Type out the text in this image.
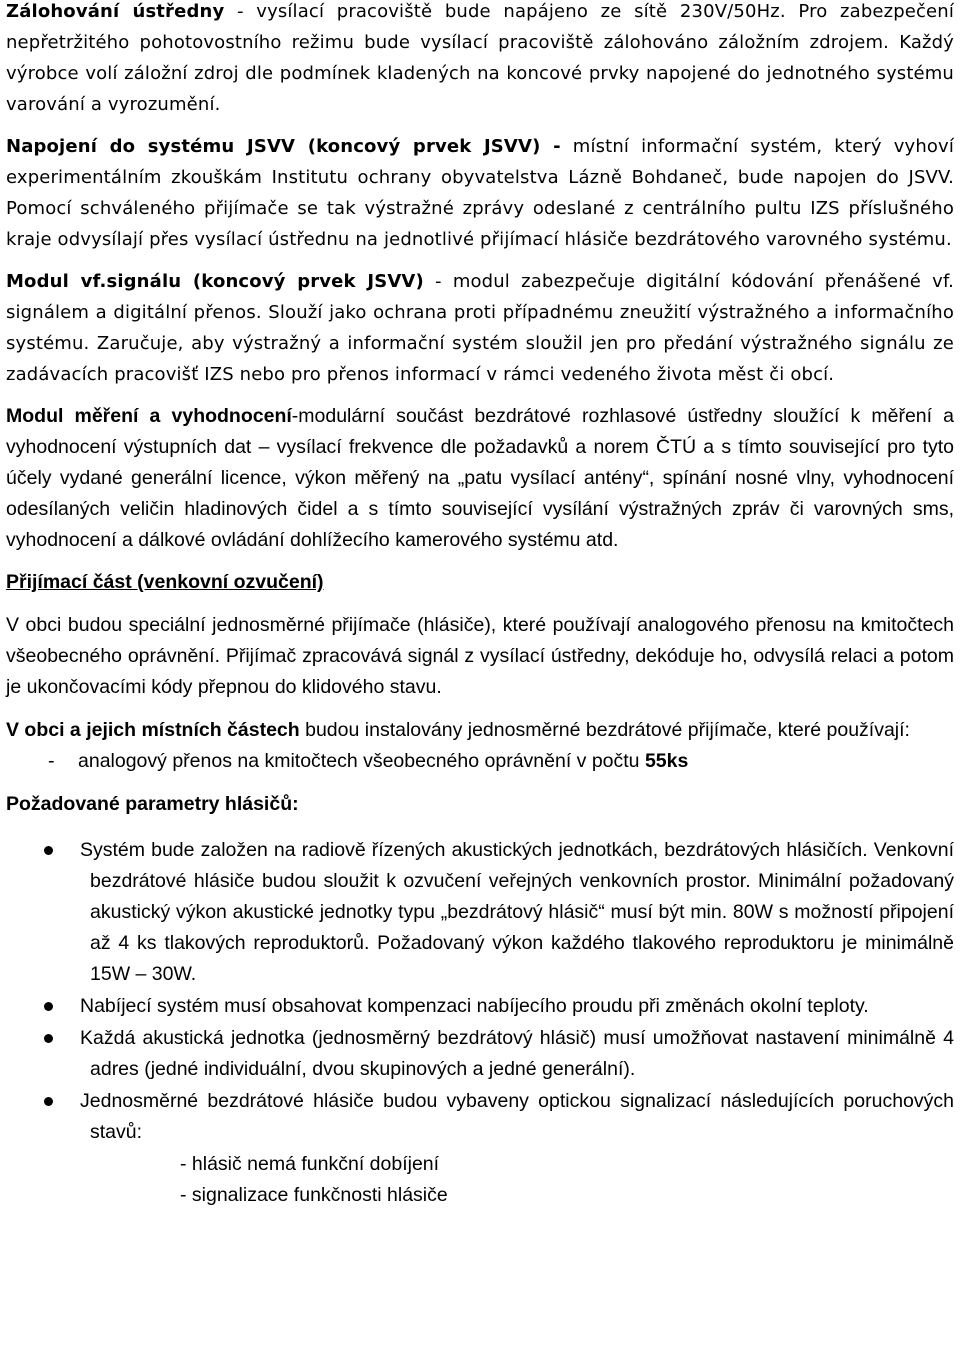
Zálohování ústředny - vysílací pracoviště bude napájeno ze sítě 230V/50Hz. Pro zabezpečení nepřetržitého pohotovostního režimu bude vysílací pracoviště zálohováno záložním zdrojem. Každý výrobce volí záložní zdroj dle podmínek kladených na koncové prvky napojené do jednotného systému varování a vyrozumění.

Napojení do systému JSVV (koncový prvek JSVV) - místní informační systém, který vyhoví experimentálním zkouškám Institutu ochrany obyvatelstva Lázně Bohdaneč, bude napojen do JSVV. Pomocí schváleného přijímače se tak výstražné zprávy odeslané z centrálního pultu IZS příslušného kraje odvysílají přes vysílací ústřednu na jednotlivé přijímací hlásiče bezdrátového varovného systému.

Modul vf.signálu (koncový prvek JSVV) - modul zabezpečuje digitální kódování přenášené vf. signálem a digitální přenos. Slouží jako ochrana proti případnému zneužití výstražného a informačního systému. Zaručuje, aby výstražný a informační systém sloužil jen pro předání výstražného signálu ze zadávacích pracovišť IZS nebo pro přenos informací v rámci vedeného života měst či obcí.

Modul měření a vyhodnocení-modulární součást bezdrátové rozhlasové ústředny sloužící k měření a vyhodnocení výstupních dat – vysílací frekvence dle požadavků a norem ČTÚ a s tímto související pro tyto účely vydané generální licence, výkon měřený na „patu vysílací antény“, spínání nosné vlny, vyhodnocení odesílaných veličin hladinových čidel a s tímto související vysílání výstražných zpráv či varovných sms, vyhodnocení a dálkové ovládání dohlížecího kamerového systému atd.

Přijímací část (venkovní ozvučení)

V obci budou speciální jednosměrné přijímače (hlásiče), které používají analogového přenosu na kmitočtech všeobecného oprávnění. Přijímač zpracovává signál z vysílací ústředny, dekóduje ho, odvysílá relaci a potom je ukončovacími kódy přepnou do klidového stavu.

V obci a jejich místních částech budou instalovány jednosměrné bezdrátové přijímače, které používají:

-	analogový přenos na kmitočtech všeobecného oprávnění v počtu 55ks

Požadované parametry hlásičů:

Systém bude založen na radiově řízených akustických jednotkách, bezdrátových hlásičích. Venkovní bezdrátové hlásiče budou sloužit k ozvučení veřejných venkovních prostor. Minimální požadovaný akustický výkon akustické jednotky typu „bezdrátový hlásič“ musí být min. 80W s možností připojení až 4 ks tlakových reproduktorů. Požadovaný výkon každého tlakového reproduktoru je minimálně 15W – 30W.

Nabíjecí systém musí obsahovat kompenzaci nabíjecího proudu při změnách okolní teploty.

Každá akustická jednotka (jednosměrný bezdrátový hlásič) musí umožňovat nastavení minimálně 4 adres (jedné individuální, dvou skupinových a jedné generální).

Jednosměrné bezdrátové hlásiče budou vybaveny optickou signalizací následujících poruchových stavů:

- hlásič nemá funkční dobíjení

- signalizace funkčnosti hlásiče
